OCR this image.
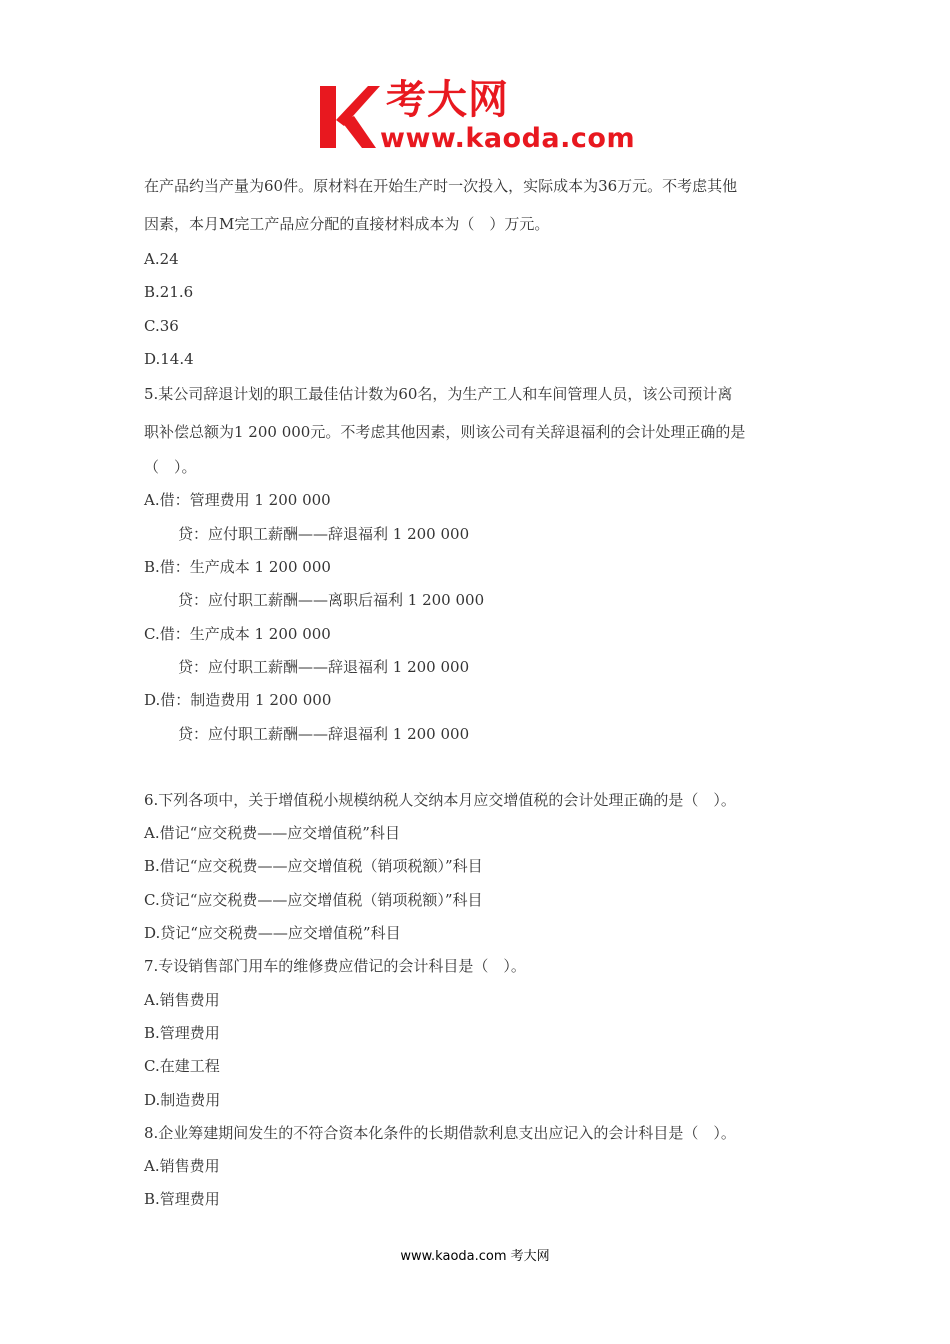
考大网
www.kaoda.com
在产品约当产量为60件。原材料在开始生产时一次投入，实际成本为36万元。不考虑其他
因素，本月M完工产品应分配的直接材料成本为（　）万元。
A.24
B.21.6
C.36
D.14.4
5.某公司辞退计划的职工最佳估计数为60名，为生产工人和车间管理人员，该公司预计离
职补偿总额为1 200 000元。不考虑其他因素，则该公司有关辞退福利的会计处理正确的是
（　）。
A.借：管理费用 1 200 000
贷：应付职工薪酬——辞退福利 1 200 000
B.借：生产成本 1 200 000
贷：应付职工薪酬——离职后福利 1 200 000
C.借：生产成本 1 200 000
贷：应付职工薪酬——辞退福利 1 200 000
D.借：制造费用 1 200 000
贷：应付职工薪酬——辞退福利 1 200 000
6.下列各项中，关于增值税小规模纳税人交纳本月应交增值税的会计处理正确的是（　）。
A.借记“应交税费——应交增值税”科目
B.借记“应交税费——应交增值税（销项税额）”科目
C.贷记“应交税费——应交增值税（销项税额）”科目
D.贷记“应交税费——应交增值税”科目
7.专设销售部门用车的维修费应借记的会计科目是（　）。
A.销售费用
B.管理费用
C.在建工程
D.制造费用
8.企业筹建期间发生的不符合资本化条件的长期借款利息支出应记入的会计科目是（　）。
A.销售费用
B.管理费用
www.kaoda.com 考大网
